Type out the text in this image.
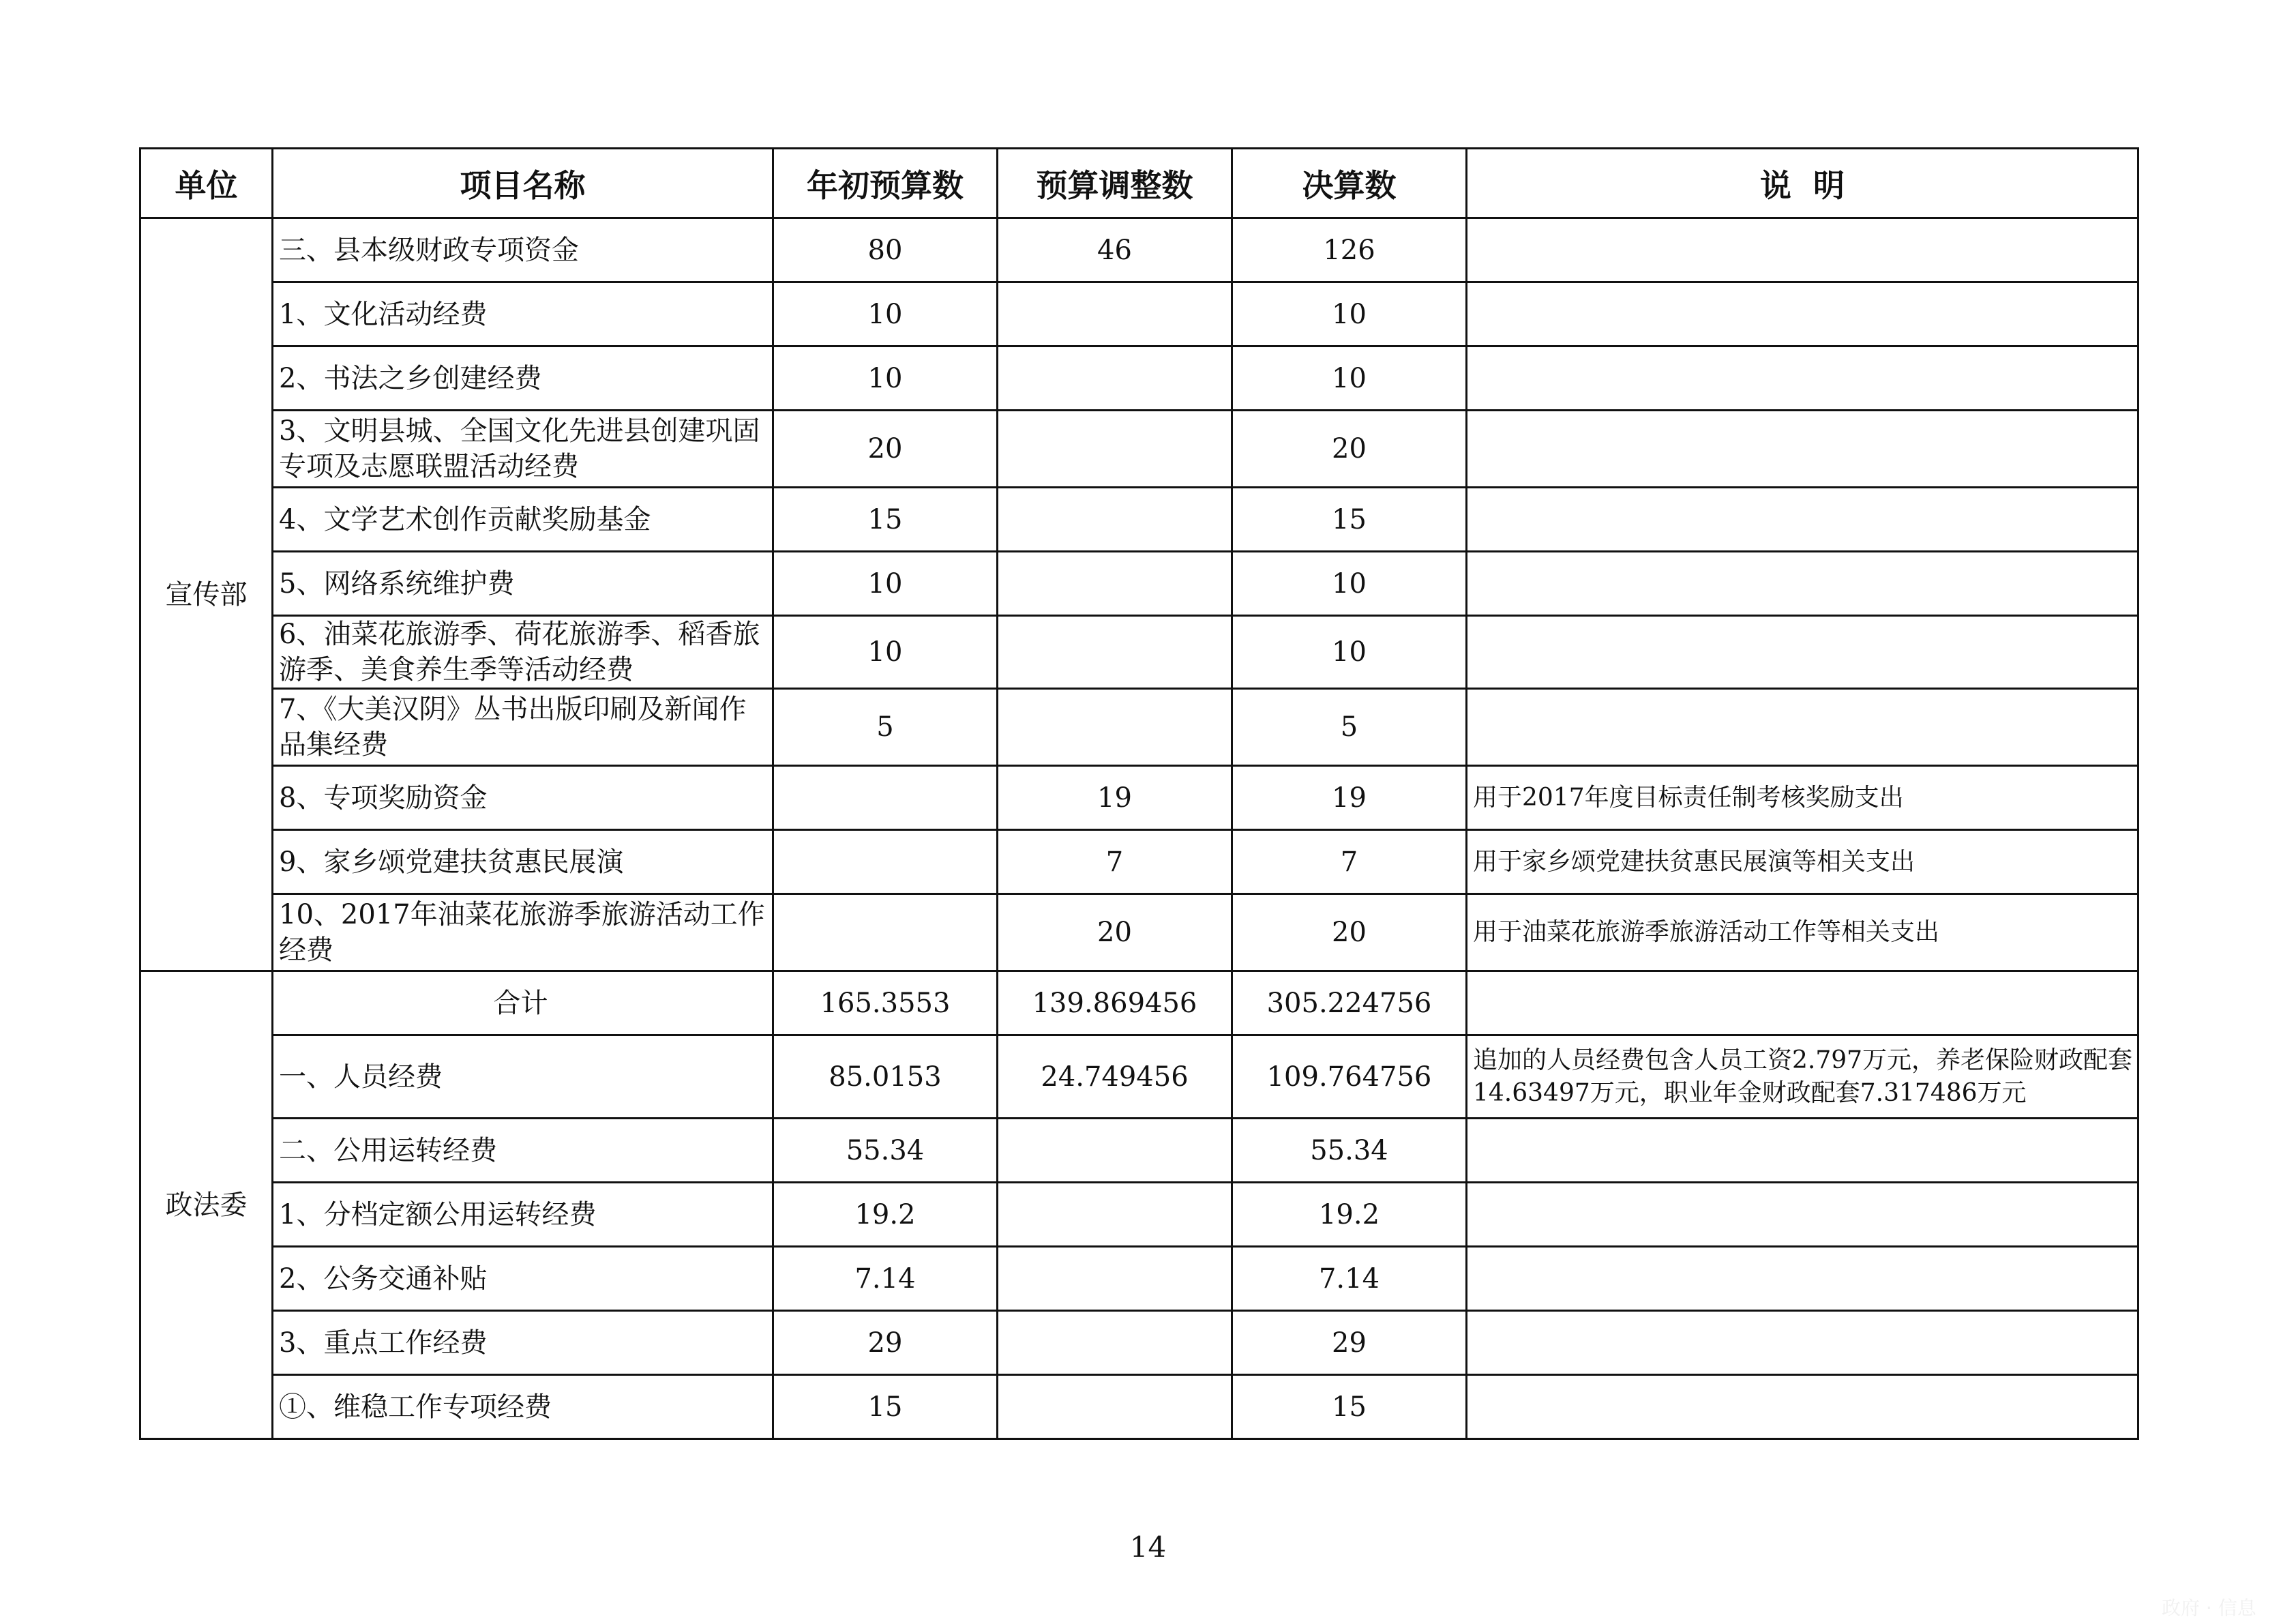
单位	项目名称	年初预算数	预算调整数	决算数	说  明
宣传部	三、县本级财政专项资金	80	46	126	
	1、文化活动经费	10		10	
	2、书法之乡创建经费	10		10	
	3、文明县城、全国文化先进县创建巩固专项及志愿联盟活动经费	20		20	
	4、文学艺术创作贡献奖励基金	15		15	
	5、网络系统维护费	10		10	
	6、油菜花旅游季、荷花旅游季、稻香旅游季、美食养生季等活动经费	10		10	
	7、《大美汉阴》丛书出版印刷及新闻作品集经费	5		5	
	8、专项奖励资金		19	19	用于2017年度目标责任制考核奖励支出
	9、家乡颂党建扶贫惠民展演		7	7	用于家乡颂党建扶贫惠民展演等相关支出
	10、2017年油菜花旅游季旅游活动工作经费		20	20	用于油菜花旅游季旅游活动工作等相关支出
政法委	合计	165.3553	139.869456	305.224756	
	一、人员经费	85.0153	24.749456	109.764756	追加的人员经费包含人员工资2.797万元，养老保险财政配套14.63497万元，职业年金财政配套7.317486万元
	二、公用运转经费	55.34		55.34	
	1、分档定额公用运转经费	19.2		19.2	
	2、公务交通补贴	7.14		7.14	
	3、重点工作经费	29		29	
	①、维稳工作专项经费	15		15	
14
政府 · 信息
